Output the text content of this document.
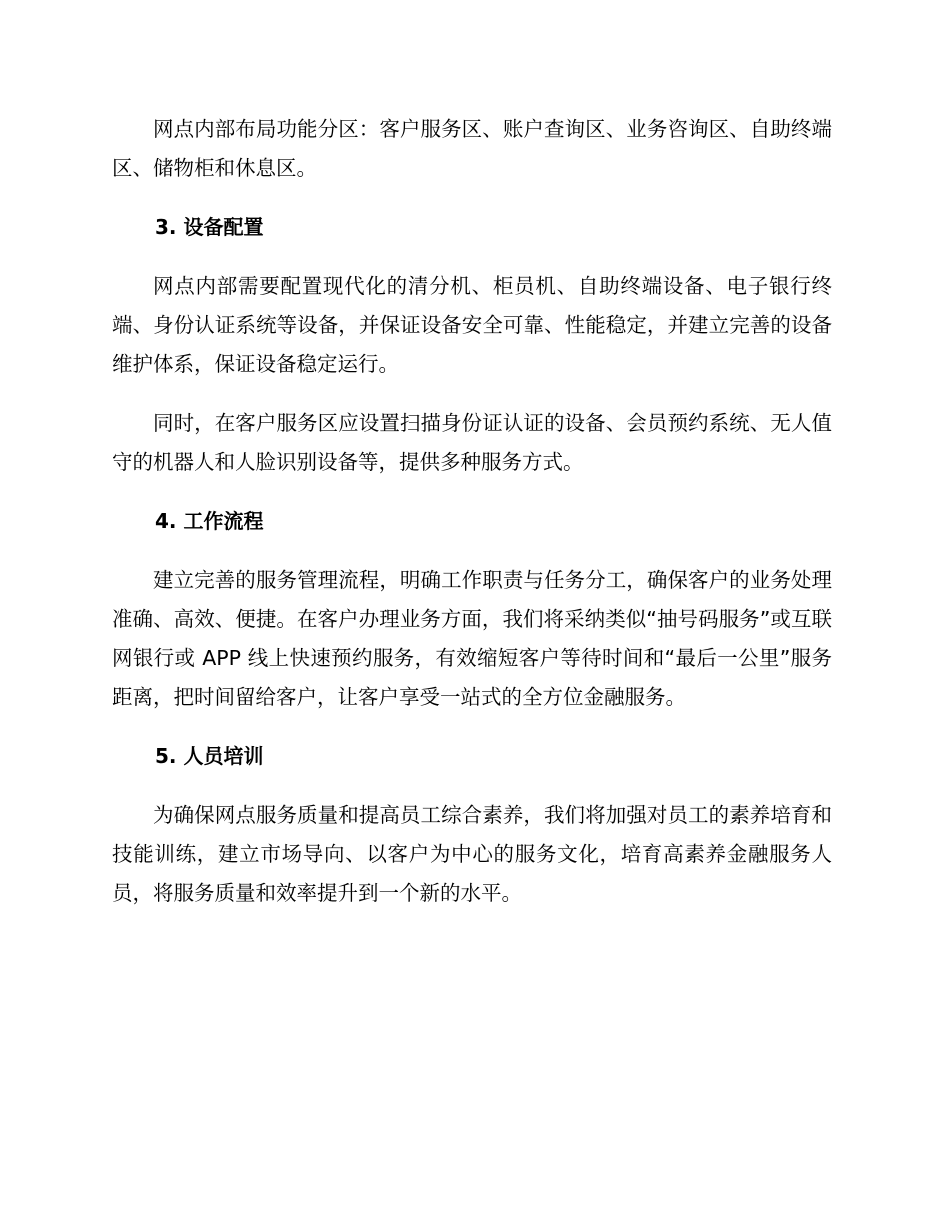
网点内部布局功能分区：客户服务区、账户查询区、业务咨询区、自助终端区、储物柜和休息区。

3. 设备配置

网点内部需要配置现代化的清分机、柜员机、自助终端设备、电子银行终端、身份认证系统等设备，并保证设备安全可靠、性能稳定，并建立完善的设备维护体系，保证设备稳定运行。

同时，在客户服务区应设置扫描身份证认证的设备、会员预约系统、无人值守的机器人和人脸识别设备等，提供多种服务方式。

4. 工作流程

建立完善的服务管理流程，明确工作职责与任务分工，确保客户的业务处理准确、高效、便捷。在客户办理业务方面，我们将采纳类似“抽号码服务”或互联网银行或 APP 线上快速预约服务，有效缩短客户等待时间和“最后一公里”服务距离，把时间留给客户，让客户享受一站式的全方位金融服务。

5. 人员培训

为确保网点服务质量和提高员工综合素养，我们将加强对员工的素养培育和技能训练，建立市场导向、以客户为中心的服务文化，培育高素养金融服务人员，将服务质量和效率提升到一个新的水平。
